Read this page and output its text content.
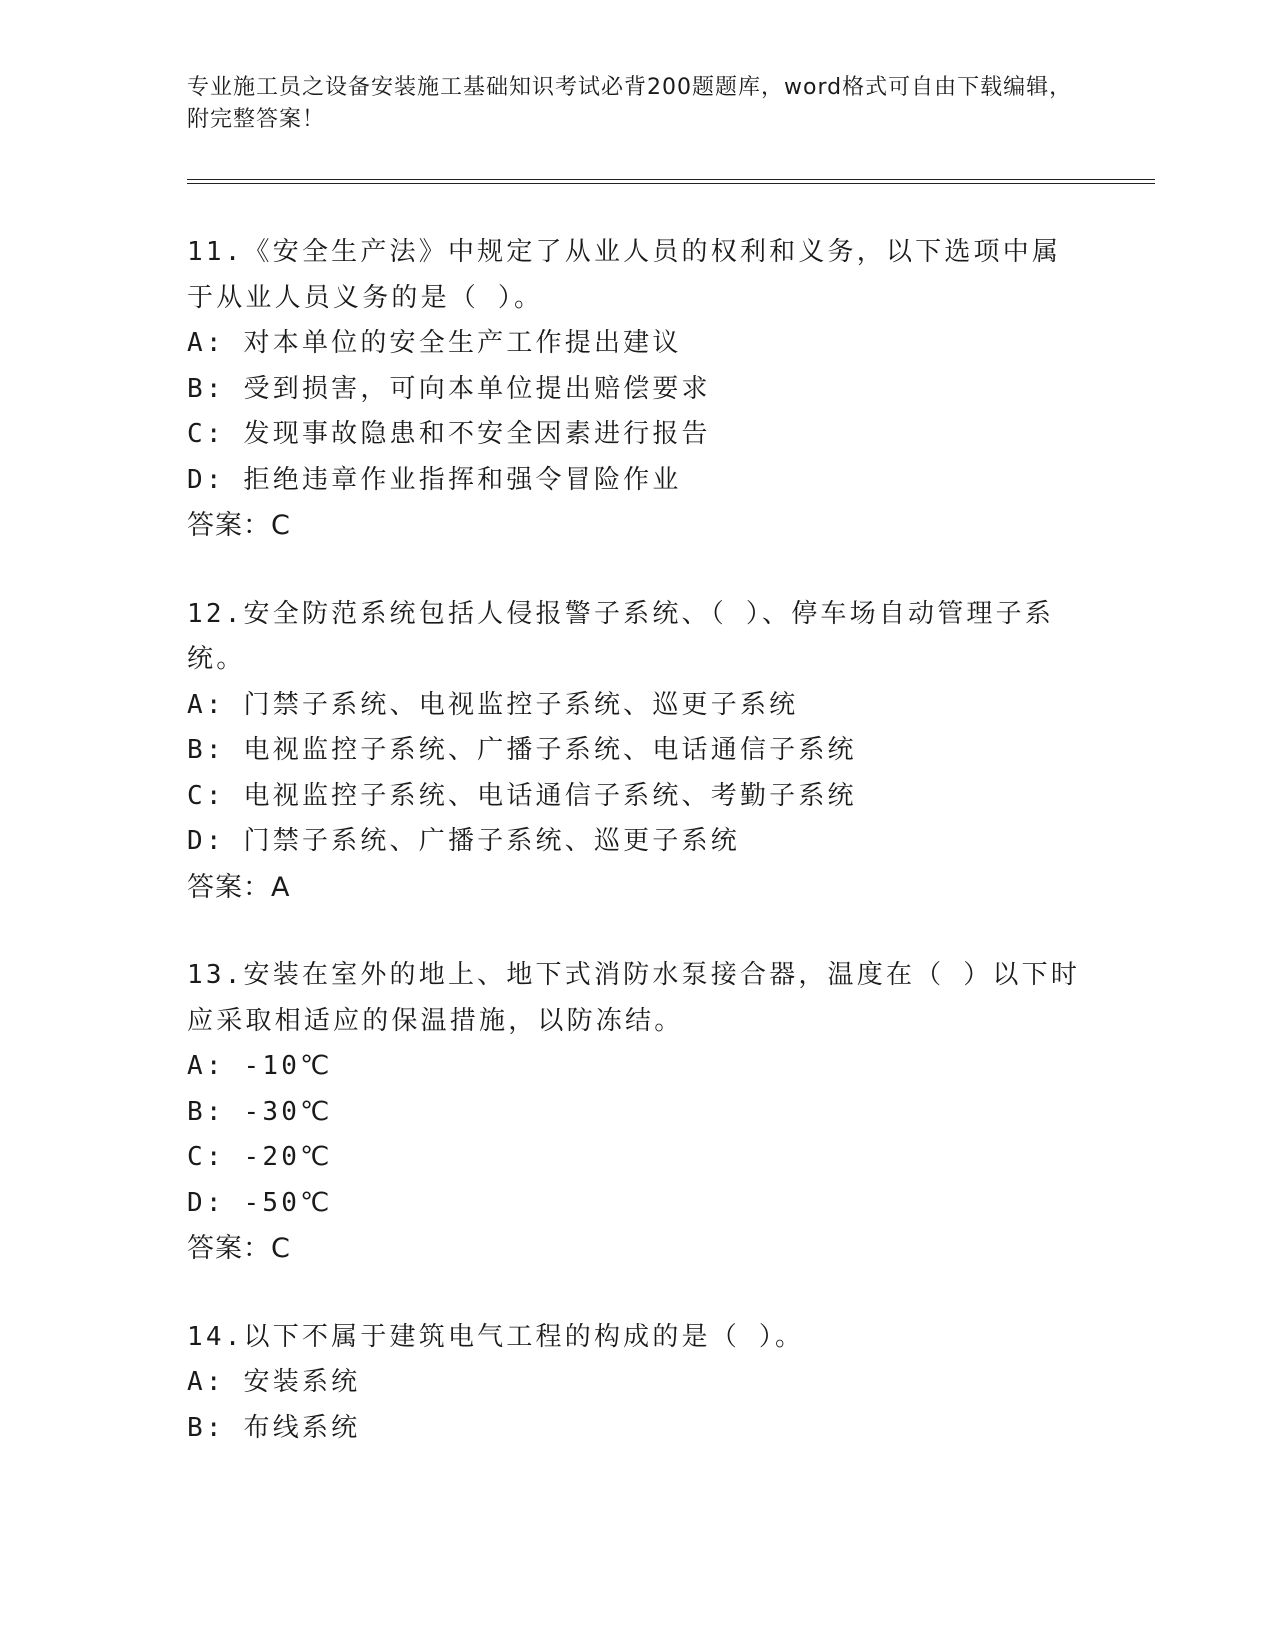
专业施工员之设备安装施工基础知识考试必背200题题库，word格式可自由下载编辑，附完整答案！
11.《安全生产法》中规定了从业人员的权利和义务，以下选项中属于从业人员义务的是（ ）。
A: 对本单位的安全生产工作提出建议
B: 受到损害，可向本单位提出赔偿要求
C: 发现事故隐患和不安全因素进行报告
D: 拒绝违章作业指挥和强令冒险作业
答案：C
12.安全防范系统包括人侵报警子系统、（ ）、停车场自动管理子系统。
A: 门禁子系统、电视监控子系统、巡更子系统
B: 电视监控子系统、广播子系统、电话通信子系统
C: 电视监控子系统、电话通信子系统、考勤子系统
D: 门禁子系统、广播子系统、巡更子系统
答案：A
13.安装在室外的地上、地下式消防水泵接合器，温度在（ ）以下时应采取相适应的保温措施，以防冻结。
A: -10℃
B: -30℃
C: -20℃
D: -50℃
答案：C
14.以下不属于建筑电气工程的构成的是（ ）。
A: 安装系统
B: 布线系统
